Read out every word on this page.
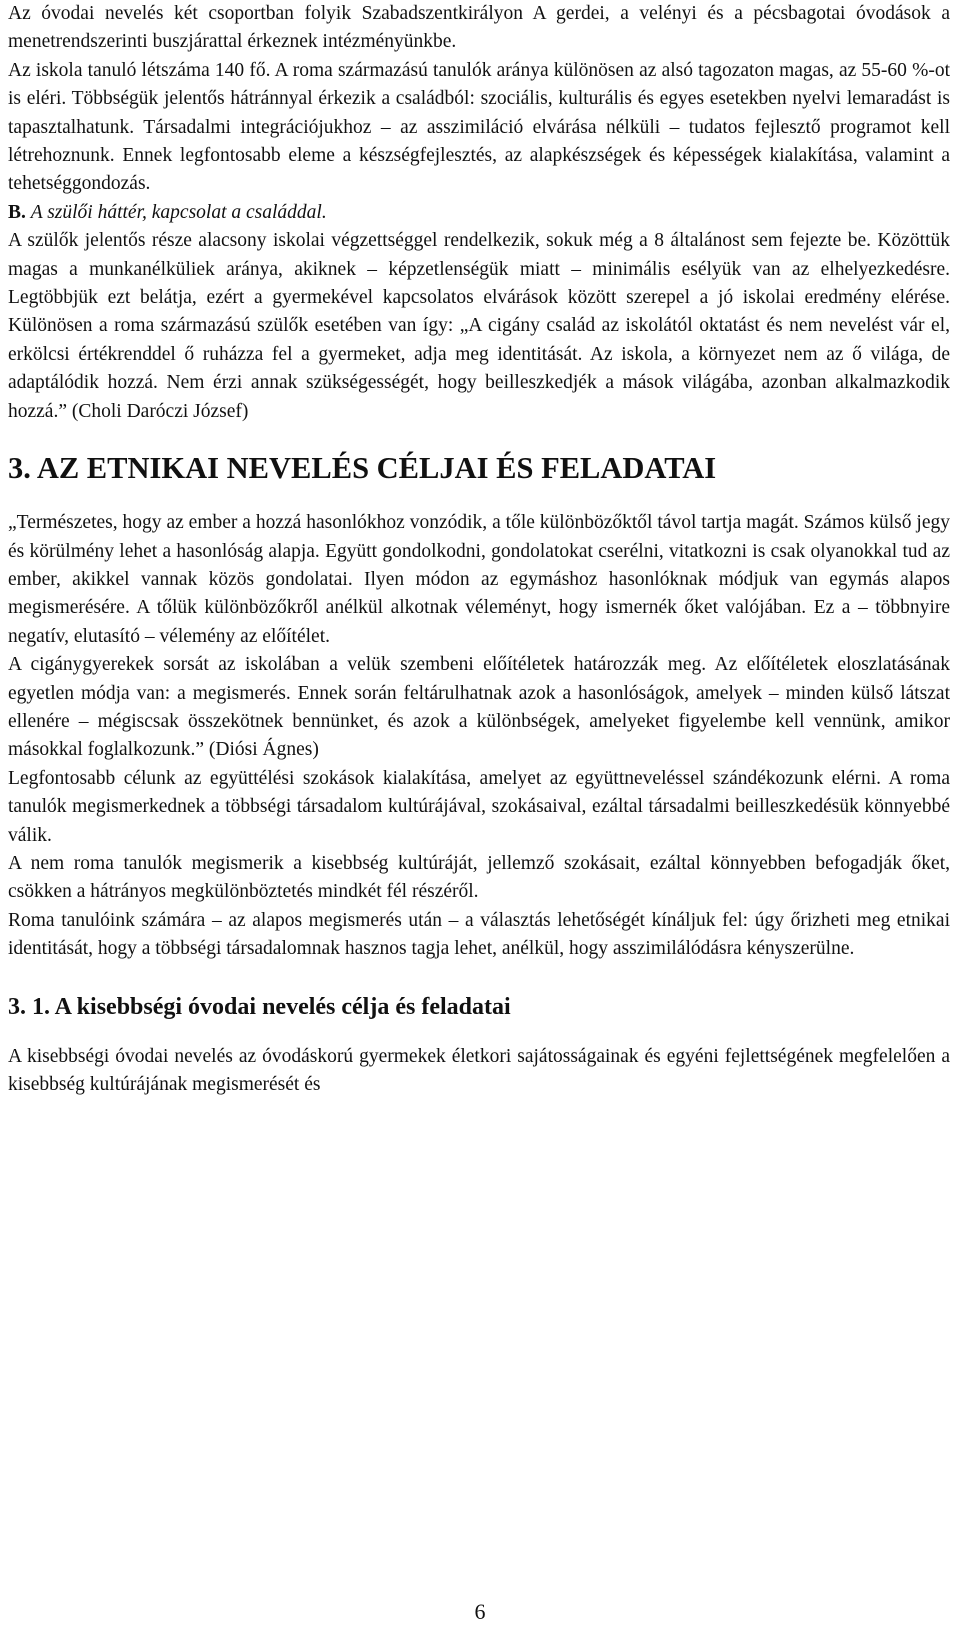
Az óvodai nevelés két csoportban folyik Szabadszentkirályon A gerdei, a velényi és a pécsbagotai óvodások a menetrendszerinti buszjárattal érkeznek intézményünkbe.

Az iskola tanuló létszáma 140 fő. A roma származású tanulók aránya különösen az alsó tagozaton magas, az 55-60 %-ot is eléri. Többségük jelentős hátránnyal érkezik a családból: szociális, kulturális és egyes esetekben nyelvi lemaradást is tapasztalhatunk. Társadalmi integrációjukhoz – az asszimiláció elvárása nélküli – tudatos fejlesztő programot kell létrehoznunk. Ennek legfontosabb eleme a készségfejlesztés, az alapkészségek és képességek kialakítása, valamint a tehetséggondozás.

B. A szülői háttér, kapcsolat a családdal.

A szülők jelentős része alacsony iskolai végzettséggel rendelkezik, sokuk még a 8 általánost sem fejezte be. Közöttük magas a munkanélküliek aránya, akiknek – képzetlenségük miatt – minimális esélyük van az elhelyezkedésre. Legtöbbjük ezt belátja, ezért a gyermekével kapcsolatos elvárások között szerepel a jó iskolai eredmény elérése. Különösen a roma származású szülők esetében van így: „A cigány család az iskolától oktatást és nem nevelést vár el, erkölcsi értékrenddel ő ruházza fel a gyermeket, adja meg identitását. Az iskola, a környezet nem az ő világa, de adaptálódik hozzá. Nem érzi annak szükségességét, hogy beilleszkedjék a mások világába, azonban alkalmazkodik hozzá.” (Choli Daróczi József)

3. AZ ETNIKAI NEVELÉS CÉLJAI ÉS FELADATAI

„Természetes, hogy az ember a hozzá hasonlókhoz vonzódik, a tőle különbözőktől távol tartja magát. Számos külső jegy és körülmény lehet a hasonlóság alapja. Együtt gondolkodni, gondolatokat cserélni, vitatkozni is csak olyanokkal tud az ember, akikkel vannak közös gondolatai. Ilyen módon az egymáshoz hasonlóknak módjuk van egymás alapos megismerésére. A tőlük különbözőkről anélkül alkotnak véleményt, hogy ismernék őket valójában. Ez a – többnyire negatív, elutasító – vélemény az előítélet.

A cigánygyerekek sorsát az iskolában a velük szembeni előítéletek határozzák meg. Az előítéletek eloszlatásának egyetlen módja van: a megismerés. Ennek során feltárulhatnak azok a hasonlóságok, amelyek – minden külső látszat ellenére – mégiscsak összekötnek bennünket, és azok a különbségek, amelyeket figyelembe kell vennünk, amikor másokkal foglalkozunk.” (Diósi Ágnes)

Legfontosabb célunk az együttélési szokások kialakítása, amelyet az együttneveléssel szándékozunk elérni. A roma tanulók megismerkednek a többségi társadalom kultúrájával, szokásaival, ezáltal társadalmi beilleszkedésük könnyebbé válik.

A nem roma tanulók megismerik a kisebbség kultúráját, jellemző szokásait, ezáltal könnyebben befogadják őket, csökken a hátrányos megkülönböztetés mindkét fél részéről.

Roma tanulóink számára – az alapos megismerés után – a választás lehetőségét kínáljuk fel: úgy őrizheti meg etnikai identitását, hogy a többségi társadalomnak hasznos tagja lehet, anélkül, hogy asszimilálódásra kényszerülne.

3. 1. A kisebbségi óvodai nevelés célja és feladatai

A kisebbségi óvodai nevelés az óvodáskorú gyermekek életkori sajátosságainak és egyéni fejlettségének megfelelően a kisebbség kultúrájának megismerését és

6
